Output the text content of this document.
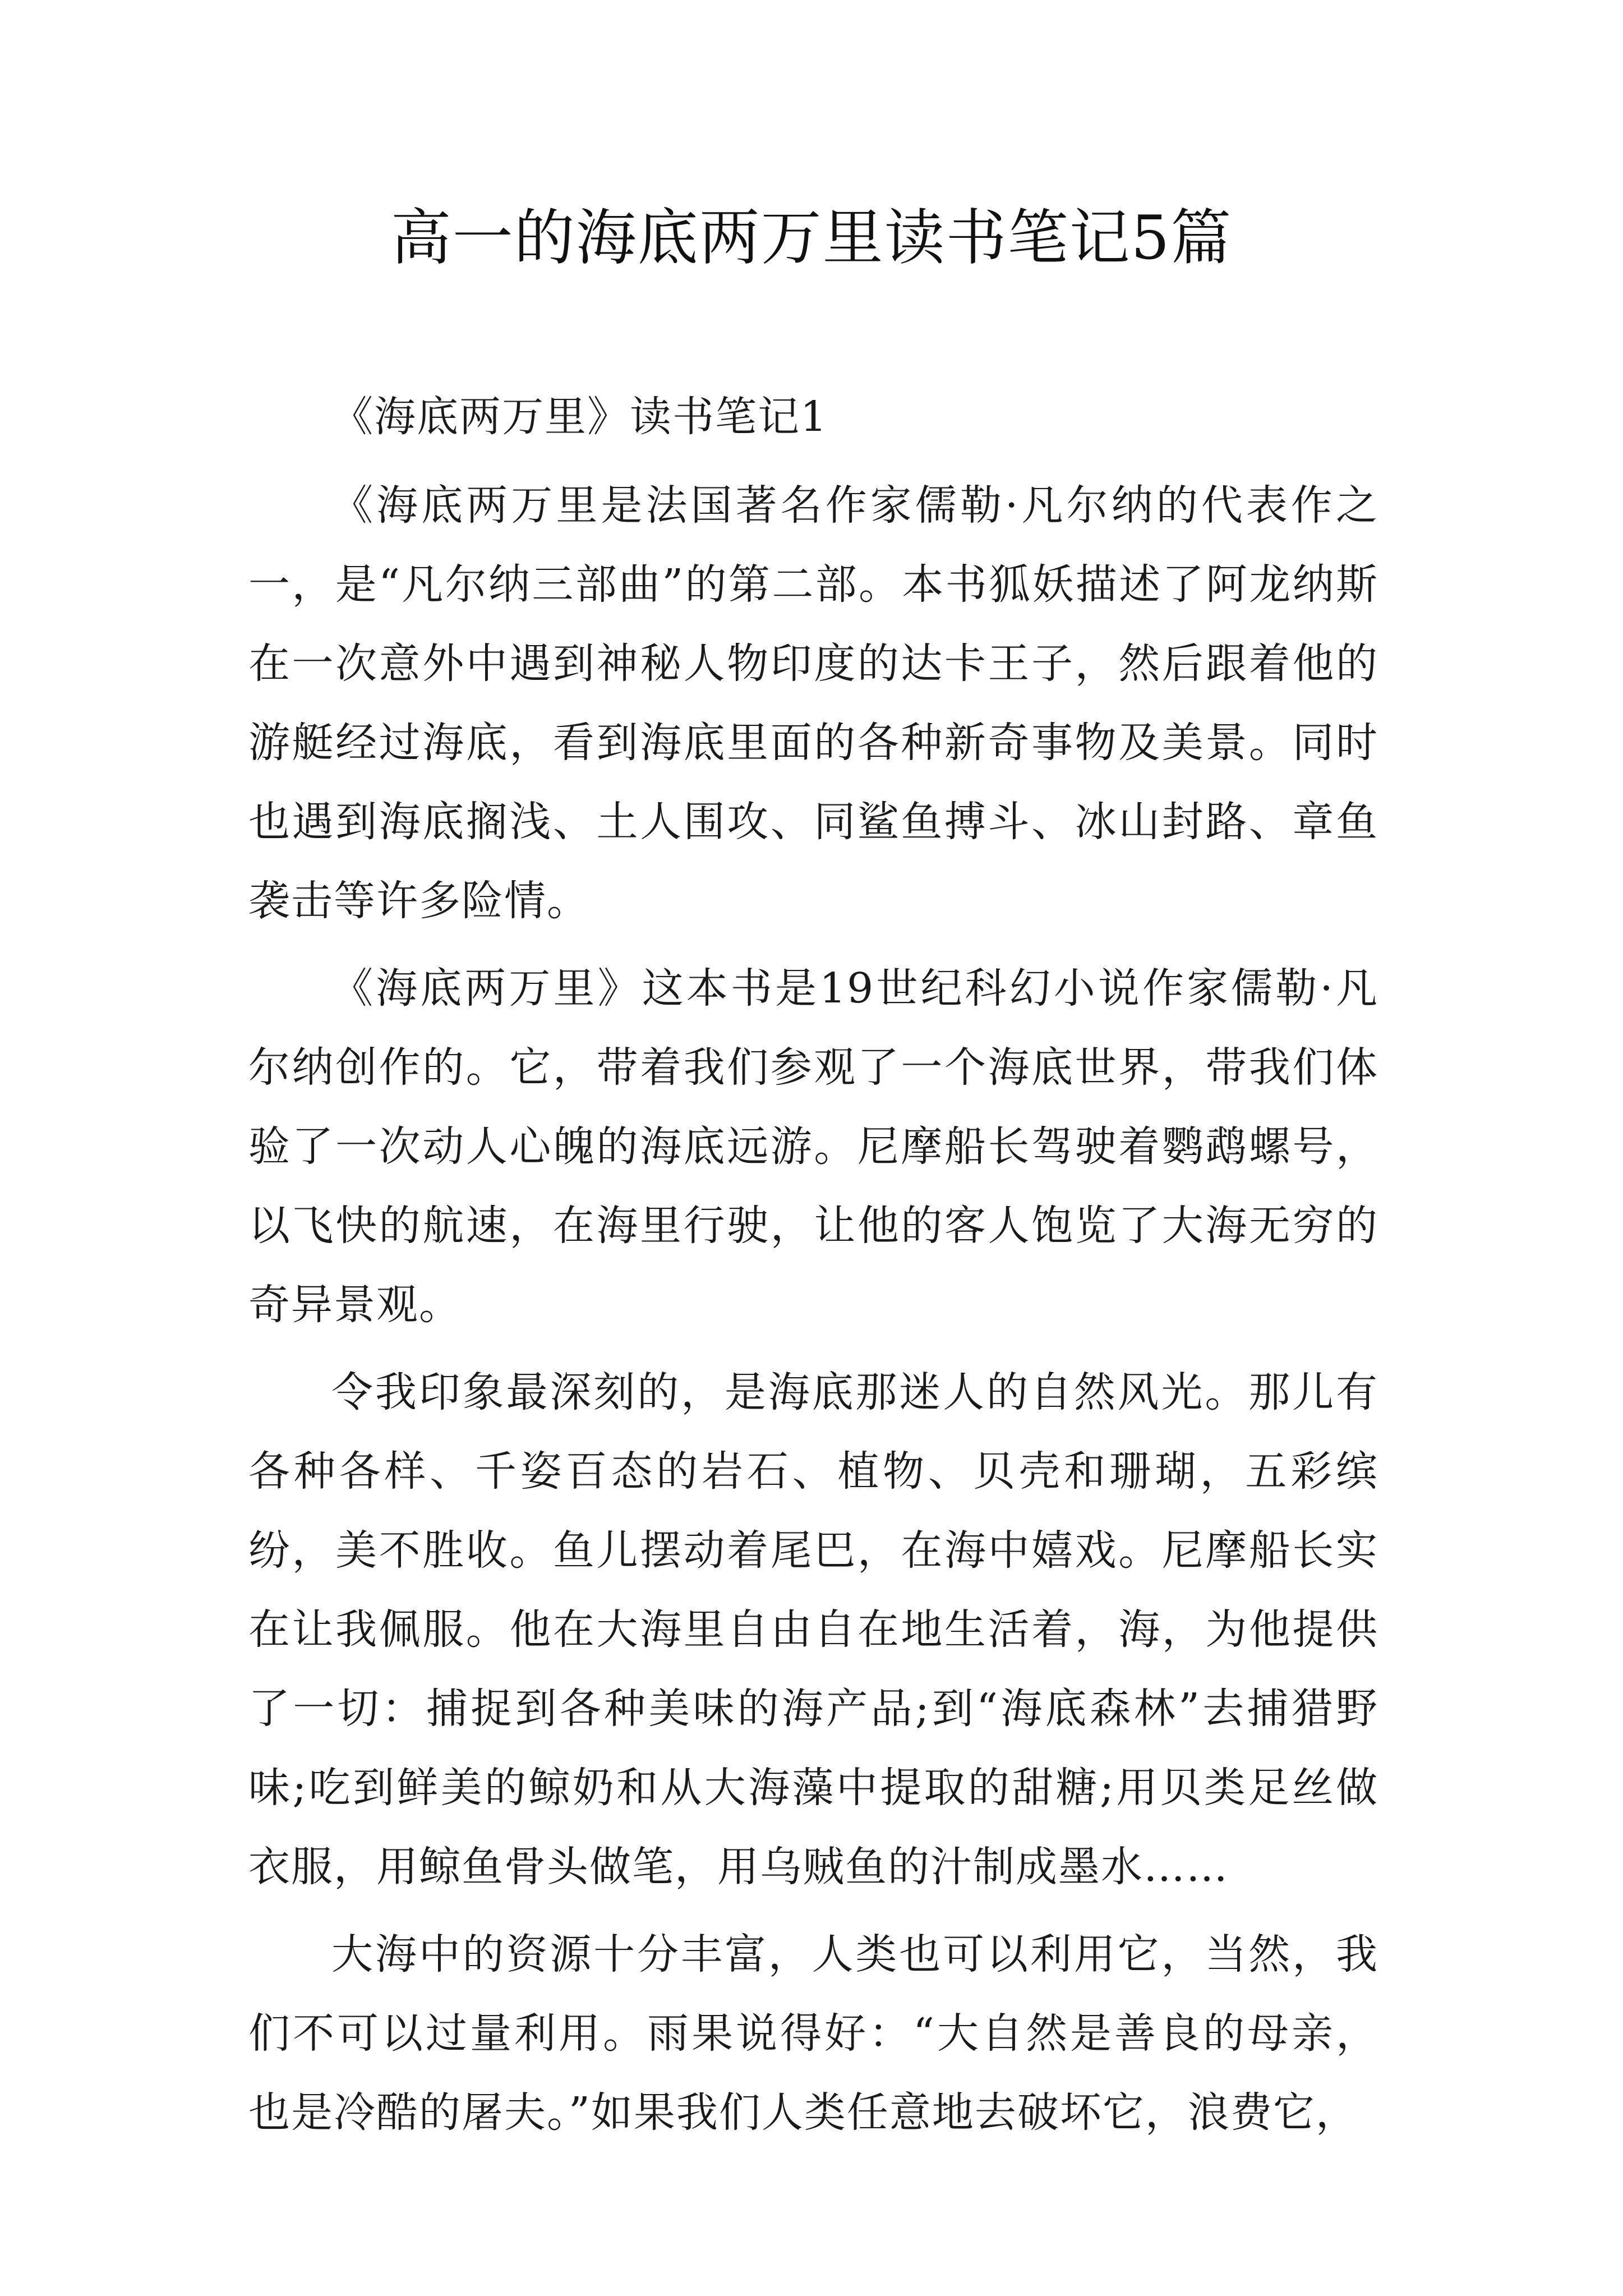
高一的海底两万里读书笔记5篇

《海底两万里》读书笔记1

《海底两万里是法国著名作家儒勒·凡尔纳的代表作之一，是“凡尔纳三部曲”的第二部。本书狐妖描述了阿龙纳斯在一次意外中遇到神秘人物印度的达卡王子，然后跟着他的游艇经过海底，看到海底里面的各种新奇事物及美景。同时也遇到海底搁浅、土人围攻、同鲨鱼搏斗、冰山封路、章鱼袭击等许多险情。

《海底两万里》这本书是19世纪科幻小说作家儒勒·凡尔纳创作的。它，带着我们参观了一个海底世界，带我们体验了一次动人心魄的海底远游。尼摩船长驾驶着鹦鹉螺号，以飞快的航速，在海里行驶，让他的客人饱览了大海无穷的奇异景观。

令我印象最深刻的，是海底那迷人的自然风光。那儿有各种各样、千姿百态的岩石、植物、贝壳和珊瑚，五彩缤纷，美不胜收。鱼儿摆动着尾巴，在海中嬉戏。尼摩船长实在让我佩服。他在大海里自由自在地生活着，海，为他提供了一切：捕捉到各种美味的海产品;到“海底森林”去捕猎野味;吃到鲜美的鲸奶和从大海藻中提取的甜糖;用贝类足丝做衣服，用鲸鱼骨头做笔，用乌贼鱼的汁制成墨水……

大海中的资源十分丰富，人类也可以利用它，当然，我们不可以过量利用。雨果说得好：“大自然是善良的母亲，也是冷酷的屠夫。”如果我们人类任意地去破坏它，浪费它，
